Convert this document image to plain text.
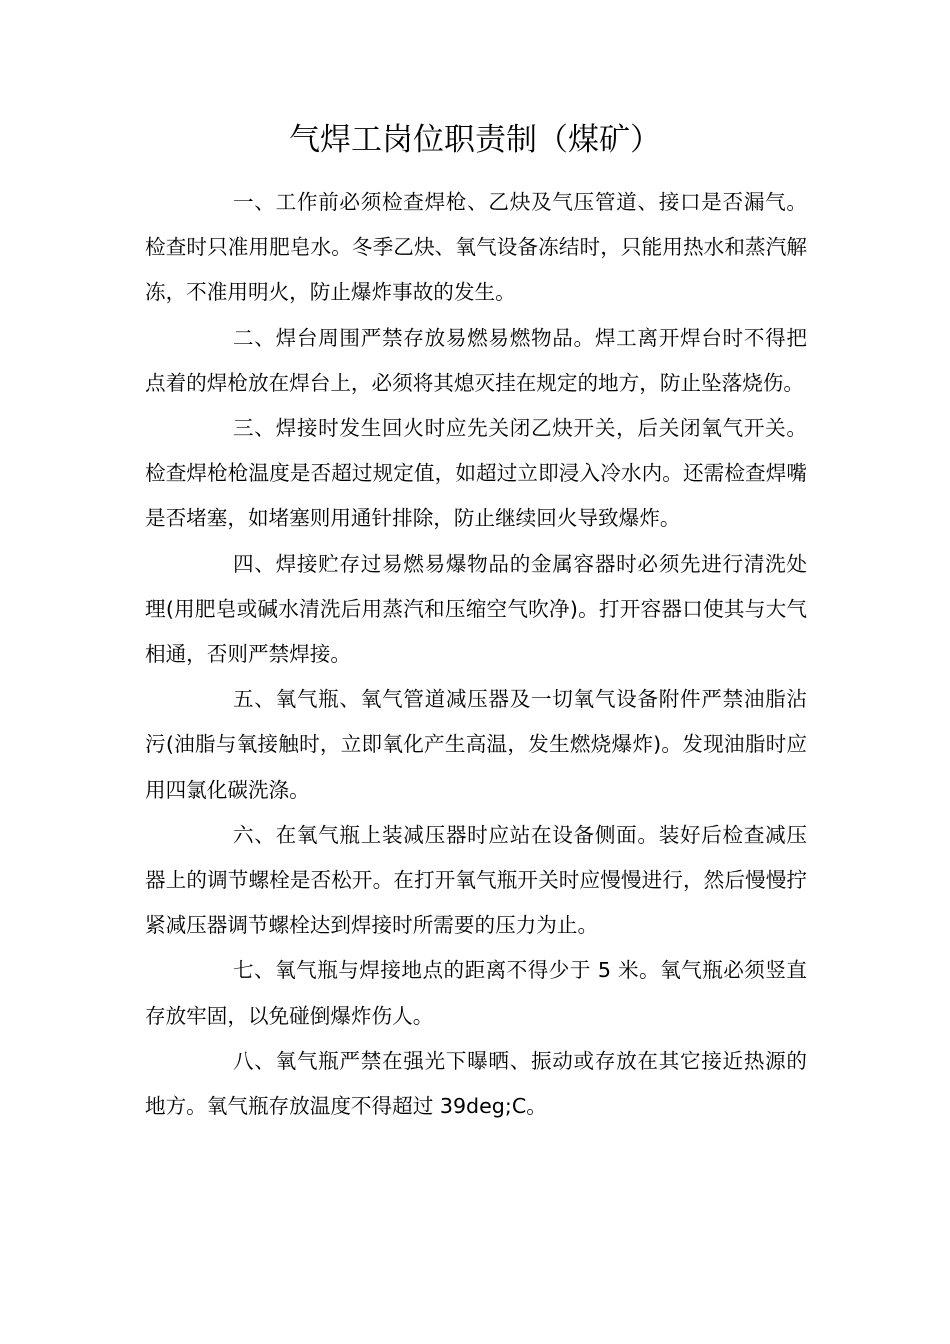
气焊工岗位职责制（煤矿）

一、工作前必须检查焊枪、乙炔及气压管道、接口是否漏气。检查时只准用肥皂水。冬季乙炔、氧气设备冻结时，只能用热水和蒸汽解冻，不准用明火，防止爆炸事故的发生。

二、焊台周围严禁存放易燃易燃物品。焊工离开焊台时不得把点着的焊枪放在焊台上，必须将其熄灭挂在规定的地方，防止坠落烧伤。

三、焊接时发生回火时应先关闭乙炔开关，后关闭氧气开关。检查焊枪枪温度是否超过规定值，如超过立即浸入冷水内。还需检查焊嘴是否堵塞，如堵塞则用通针排除，防止继续回火导致爆炸。

四、焊接贮存过易燃易爆物品的金属容器时必须先进行清洗处理(用肥皂或碱水清洗后用蒸汽和压缩空气吹净)。打开容器口使其与大气相通，否则严禁焊接。

五、氧气瓶、氧气管道减压器及一切氧气设备附件严禁油脂沾污(油脂与氧接触时，立即氧化产生高温，发生燃烧爆炸)。发现油脂时应用四氯化碳洗涤。

六、在氧气瓶上装减压器时应站在设备侧面。装好后检查减压器上的调节螺栓是否松开。在打开氧气瓶开关时应慢慢进行，然后慢慢拧紧减压器调节螺栓达到焊接时所需要的压力为止。

七、氧气瓶与焊接地点的距离不得少于 5 米。氧气瓶必须竖直存放牢固，以免碰倒爆炸伤人。

八、氧气瓶严禁在强光下曝晒、振动或存放在其它接近热源的地方。氧气瓶存放温度不得超过 39deg;C。
